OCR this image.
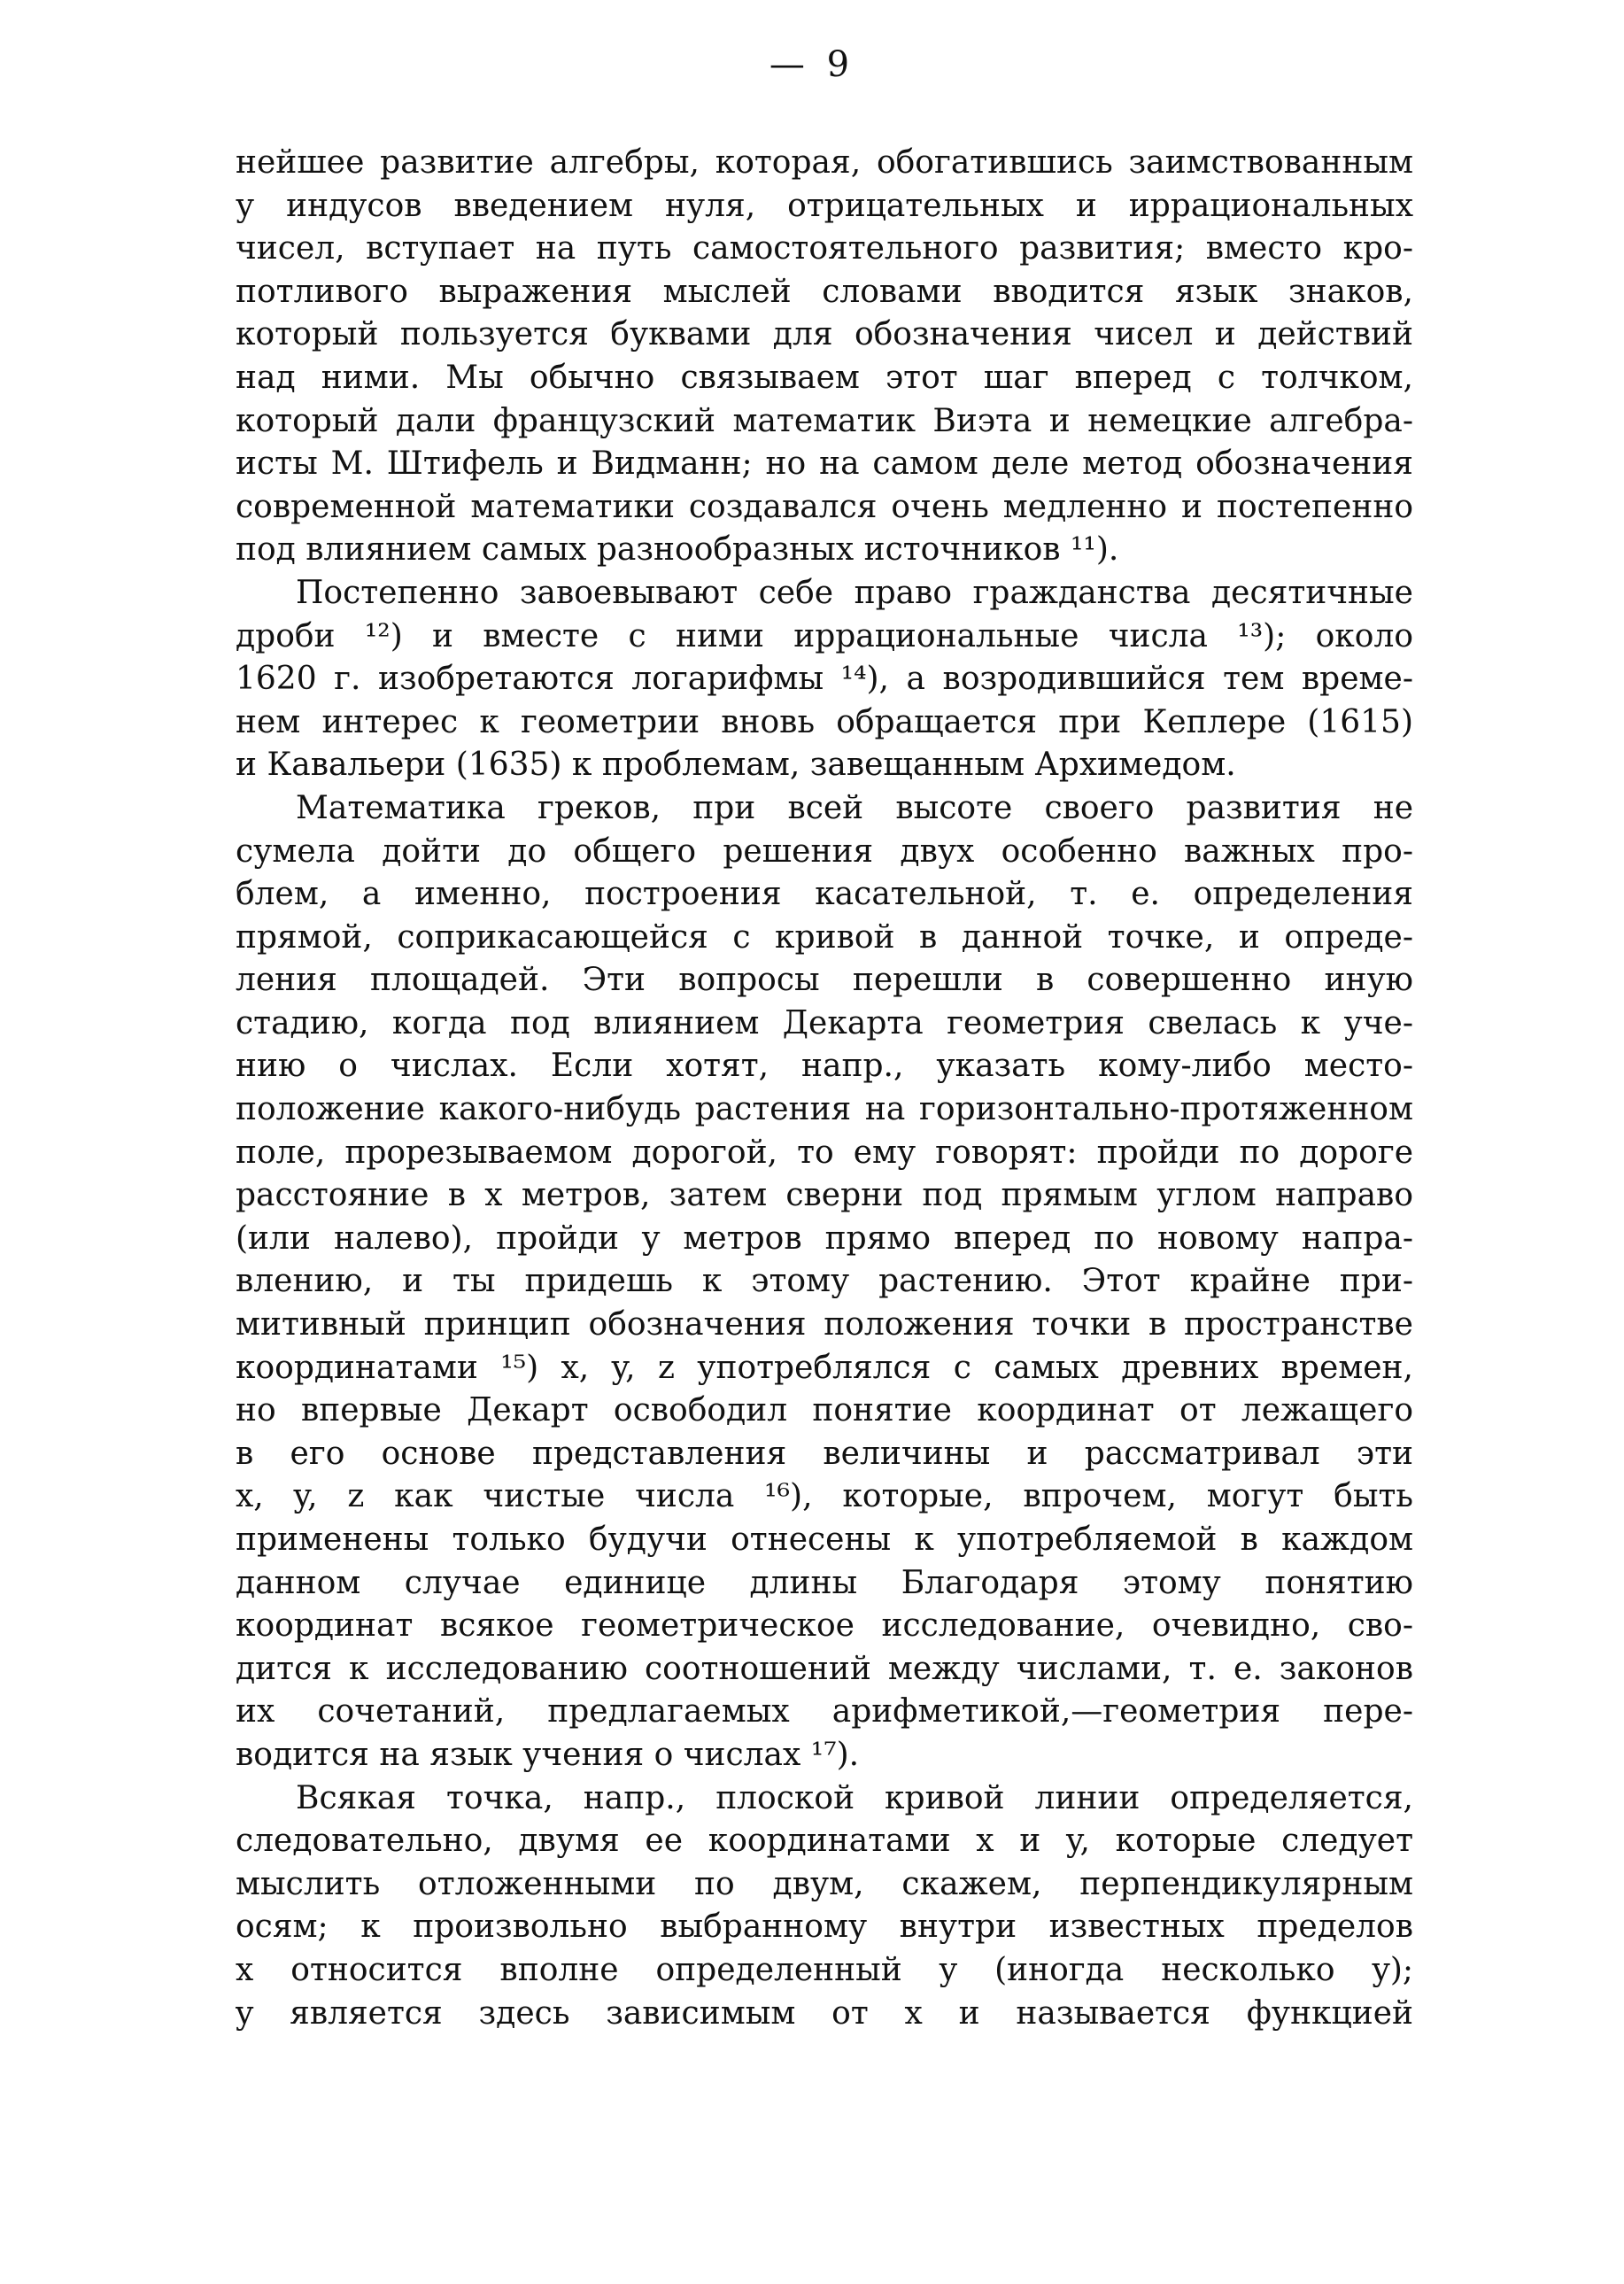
— 9
нейшее развитие алгебры, которая, обогатившись заимствованным
у индусов введением нуля, отрицательных и иррациональных
чисел, вступает на путь самостоятельного развития; вместо кро-
потливого выражения мыслей словами вводится язык знаков,
который пользуется буквами для обозначения чисел и действий
над ними. Мы обычно связываем этот шаг вперед с толчком,
который дали французский математик Виэта и немецкие алгебра-
исты М. Штифель и Видманн; но на самом деле метод обозначения
современной математики создавался очень медленно и постепенно
под влиянием самых разнообразных источников ¹¹).
Постепенно завоевывают себе право гражданства десятичные
дроби ¹²) и вместе с ними иррациональные числа ¹³); около
1620 г. изобретаются логарифмы ¹⁴), а возродившийся тем време-
нем интерес к геометрии вновь обращается при Кеплере (1615)
и Кавальери (1635) к проблемам, завещанным Архимедом.
Математика греков, при всей высоте своего развития не
сумела дойти до общего решения двух особенно важных про-
блем, а именно, построения касательной, т. е. определения
прямой, соприкасающейся с кривой в данной точке, и опреде-
ления площадей. Эти вопросы перешли в совершенно иную
стадию, когда под влиянием Декарта геометрия свелась к уче-
нию о числах. Если хотят, напр., указать кому-либо место-
положение какого-нибудь растения на горизонтально-протяженном
поле, прорезываемом дорогой, то ему говорят: пройди по дороге
расстояние в x метров, затем сверни под прямым углом направо
(или налево), пройди y метров прямо вперед по новому напра-
влению, и ты придешь к этому растению. Этот крайне при-
митивный принцип обозначения положения точки в пространстве
координатами ¹⁵) x, y, z употреблялся с самых древних времен,
но впервые Декарт освободил понятие координат от лежащего
в его основе представления величины и рассматривал эти
x, y, z как чистые числа ¹⁶), которые, впрочем, могут быть
применены только будучи отнесены к употребляемой в каждом
данном случае единице длины Благодаря этому понятию
координат всякое геометрическое исследование, очевидно, сво-
дится к исследованию соотношений между числами, т. е. законов
их сочетаний, предлагаемых арифметикой,—геометрия пере-
водится на язык учения о числах ¹⁷).
Всякая точка, напр., плоской кривой линии определяется,
следовательно, двумя ее координатами x и y, которые следует
мыслить отложенными по двум, скажем, перпендикулярным
осям; к произвольно выбранному внутри известных пределов
x относится вполне определенный y (иногда несколько y);
y является здесь зависимым от x и называется функцией
